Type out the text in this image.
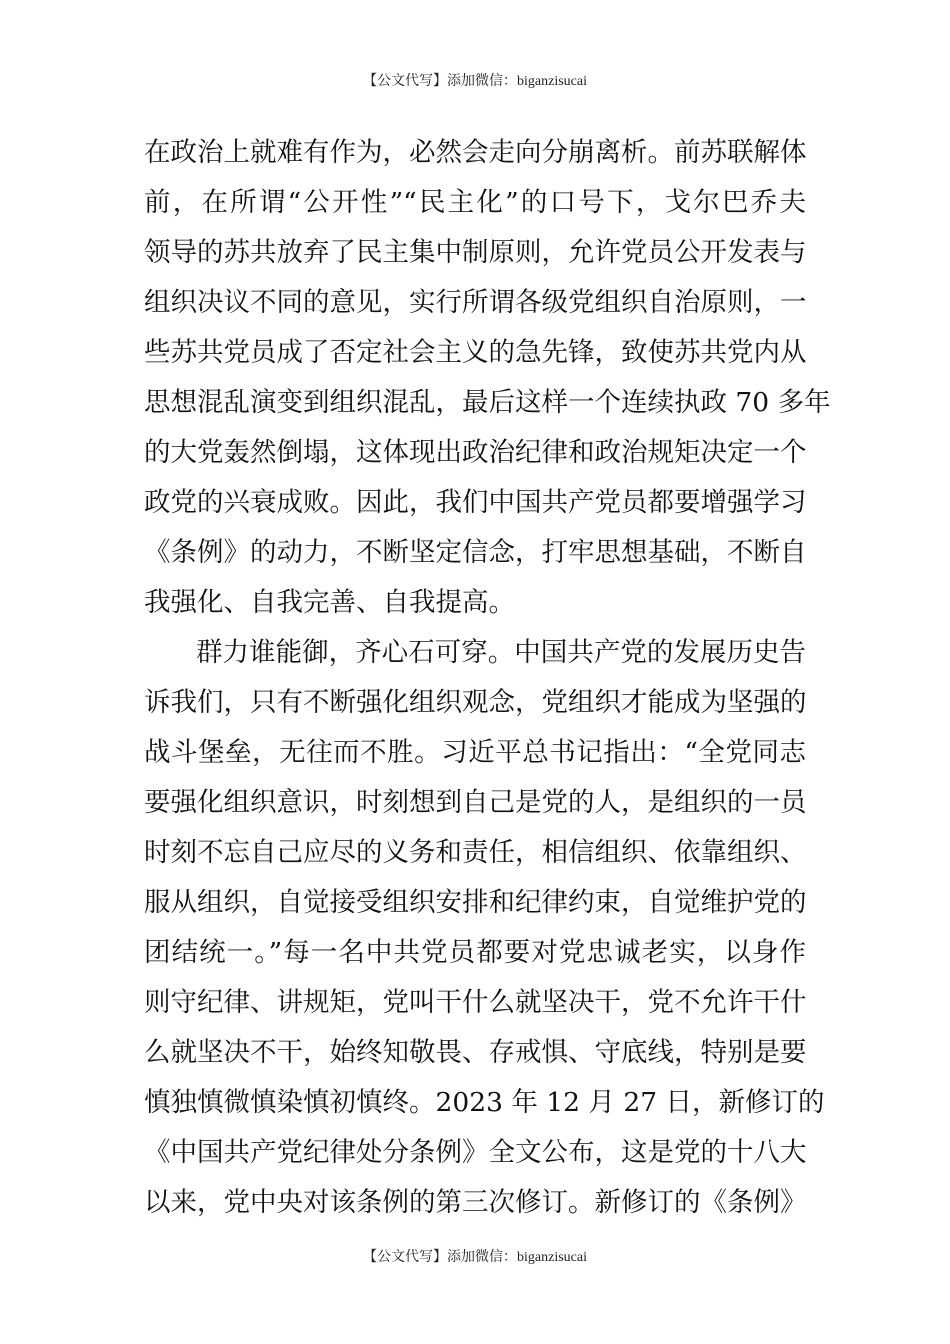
【公文代写】添加微信：biganzisucai
在政治上就难有作为，必然会走向分崩离析。前苏联解体
前，在所谓“公开性”“民主化”的口号下，戈尔巴乔夫
领导的苏共放弃了民主集中制原则，允许党员公开发表与
组织决议不同的意见，实行所谓各级党组织自治原则，一
些苏共党员成了否定社会主义的急先锋，致使苏共党内从
思想混乱演变到组织混乱，最后这样一个连续执政 70 多年
的大党轰然倒塌，这体现出政治纪律和政治规矩决定一个
政党的兴衰成败。因此，我们中国共产党员都要增强学习
《条例》的动力，不断坚定信念，打牢思想基础，不断自
我强化、自我完善、自我提高。
群力谁能御，齐心石可穿。中国共产党的发展历史告
诉我们，只有不断强化组织观念，党组织才能成为坚强的
战斗堡垒，无往而不胜。习近平总书记指出：“全党同志
要强化组织意识，时刻想到自己是党的人，是组织的一员
时刻不忘自己应尽的义务和责任，相信组织、依靠组织、
服从组织，自觉接受组织安排和纪律约束，自觉维护党的
团结统一。”每一名中共党员都要对党忠诚老实，以身作
则守纪律、讲规矩，党叫干什么就坚决干，党不允许干什
么就坚决不干，始终知敬畏、存戒惧、守底线，特别是要
慎独慎微慎染慎初慎终。2023 年 12 月 27 日，新修订的
《中国共产党纪律处分条例》全文公布，这是党的十八大
以来，党中央对该条例的第三次修订。新修订的《条例》
【公文代写】添加微信：biganzisucai
